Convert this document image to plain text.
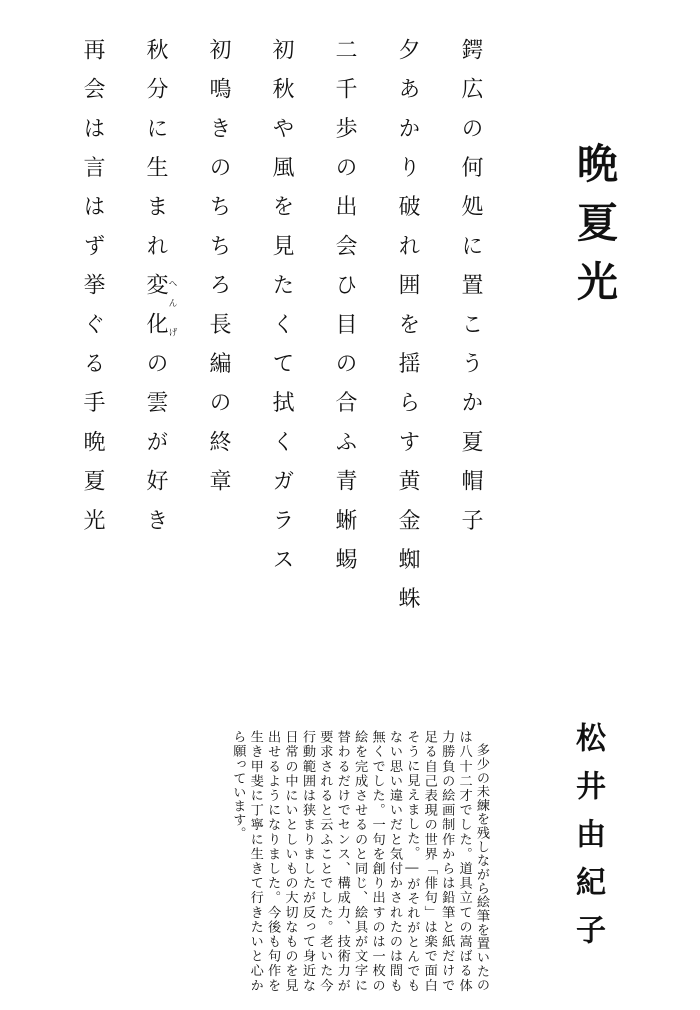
晩夏光
鍔広の何処に置こうか夏帽子
夕あかり破れ囲を揺らす黄金蜘蛛
二千歩の出会ひ目の合ふ青蜥蜴
初秋や風を見たくて拭くガラス
初鳴きのちちろ長編の終章
秋分に生まれ変へん化げの雲が好き
再会は言はず挙ぐる手晩夏光
松井由紀子

多少の未練を残しながら絵筆を置いたのは八十二才でした。道具立ての嵩ばる体力勝負の絵画制作からは鉛筆と紙だけで足る自己表現の世界「俳句」は楽で面白そうに見えました。―がそれがとんでもない思い違いだと気付かされたのは間も無くでした。一句を創り出すのは一枚の絵を完成させるのと同じ、絵具が文字に替わるだけでセンス、構成力、技術力が要求されると云ふことでした。老いた今行動範囲は狭まりましたが反って身近な日常の中にいとしいもの大切なものを見出せるようになりました。今後も句作を生き甲斐に丁寧に生きて行きたいと心から願っています。
